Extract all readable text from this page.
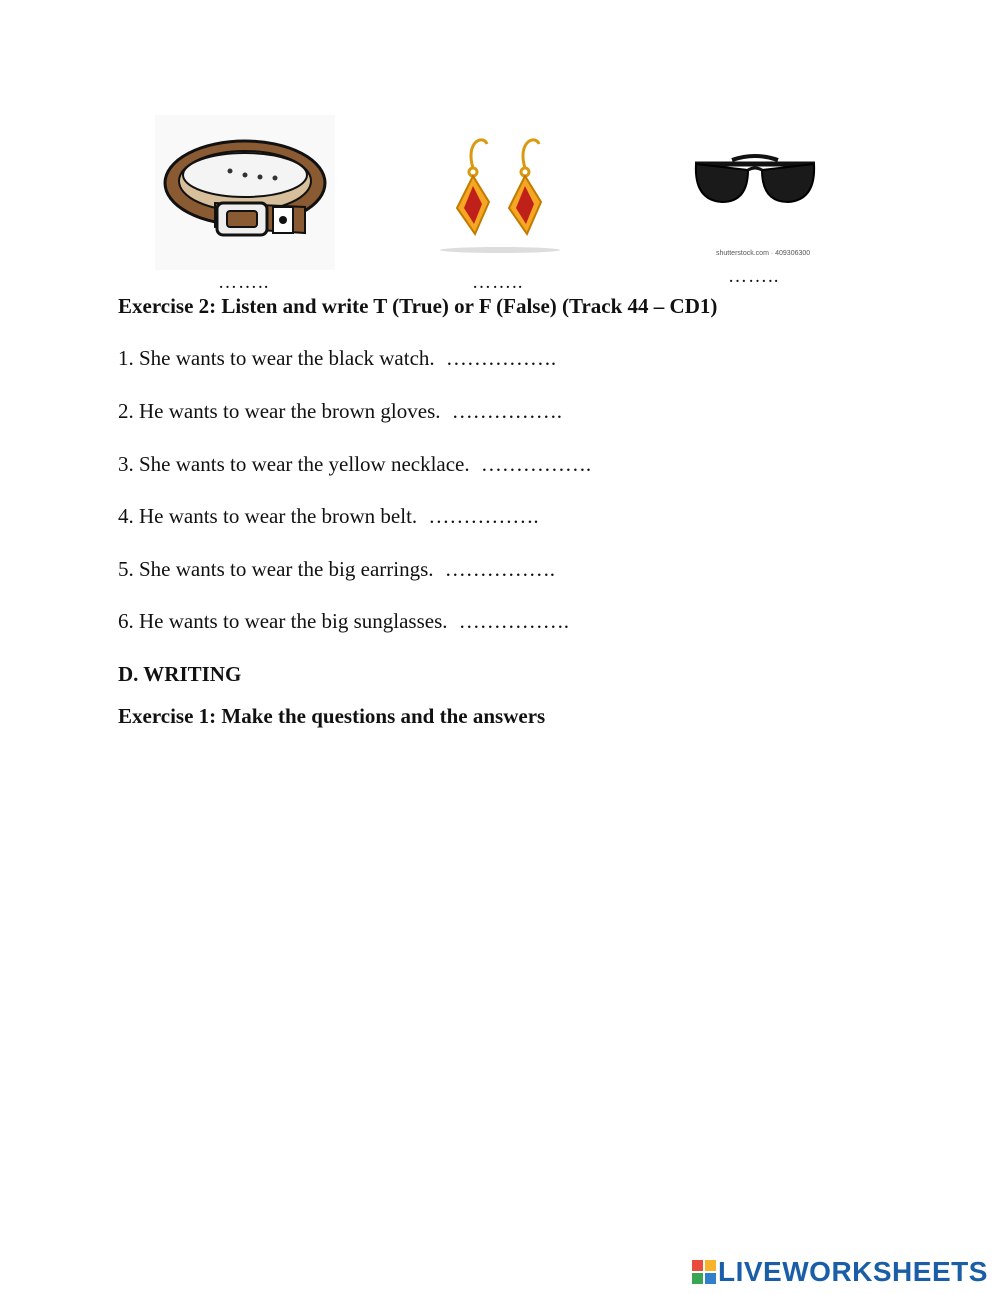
shutterstock.com · 409306300
……..	……..	……..
Exercise 2: Listen and write T (True) or F (False) (Track 44 – CD1)
1. She wants to wear the black watch. …………….
2. He wants to wear the brown gloves. …………….
3. She wants to wear the yellow necklace. …………….
4. He wants to wear the brown belt. …………….
5. She wants to wear the big earrings. …………….
6. He wants to wear the big sunglasses. …………….
D. WRITING
Exercise 1: Make the questions and the answers
LIVEWORKSHEETS
